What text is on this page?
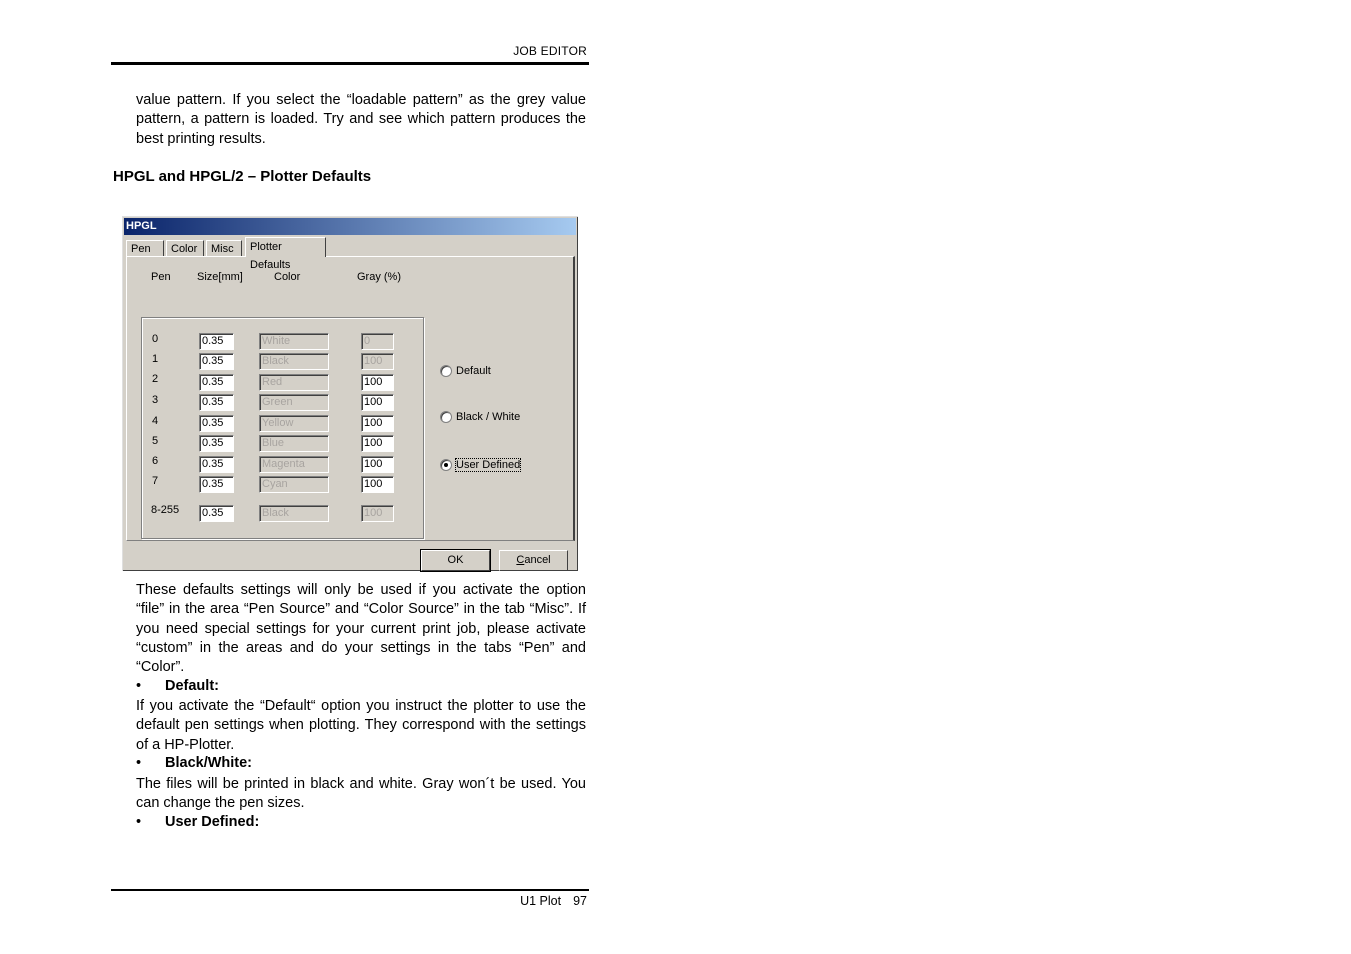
JOB EDITOR
value pattern. If you select the “loadable pattern” as the grey value pattern, a pattern is loaded. Try and see which pattern produces the best printing results.
HPGL and HPGL/2 – Plotter Defaults
HPGL
Pen	Color	Misc	Plotter Defaults
Pen Size[mm]	Color	Gray (%)
0	0.35	White	0
1	0.35	Black	100
2	0.35	Red	100
3	0.35	Green	100
4	0.35	Yellow	100
5	0.35	Blue	100
6	0.35	Magenta	100
7	0.35	Cyan	100
8-255 0.35	Black	100
Default
Black / White
User Defined
OK	Cancel
These defaults settings will only be used if you activate the option “file” in the area “Pen Source” and “Color Source” in the tab “Misc”. If you need special settings for your current print job, please activate “custom” in the areas and do your settings in the tabs “Pen” and “Color”.
• Default:
If you activate the “Default“ option you instruct the plotter to use the default pen settings when plotting. They correspond with the settings of a HP-Plotter.
• Black/White:
The files will be printed in black and white. Gray won´t be used. You can change the pen sizes.
• User Defined:
U1 Plot 97
